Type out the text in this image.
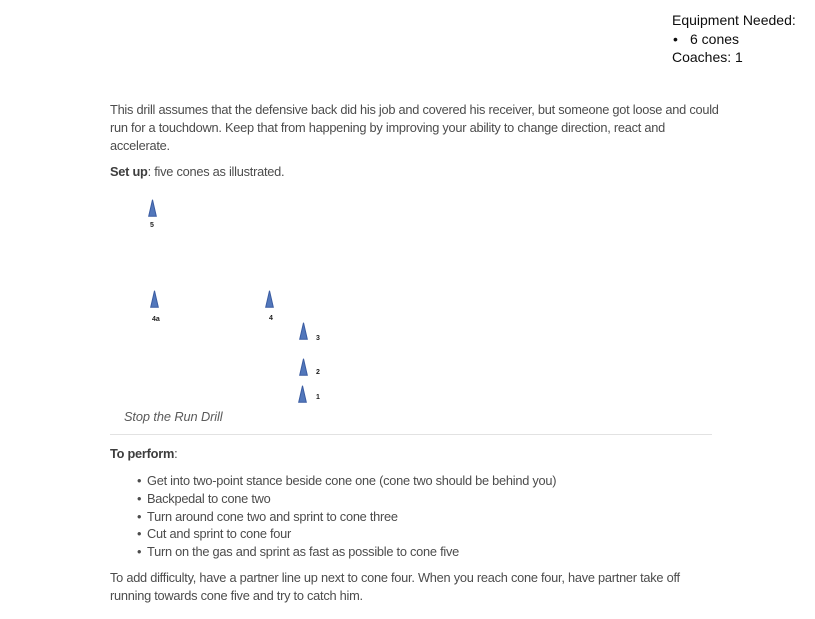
Equipment Needed:
• 6 cones
Coaches: 1

This drill assumes that the defensive back did his job and covered his receiver, but someone got loose and could run for a touchdown. Keep that from happening by improving your ability to change direction, react and accelerate.

Set up: five cones as illustrated.

5
4a	4
3
2
1
Stop the Run Drill

To perform:

• Get into two-point stance beside cone one (cone two should be behind you)
• Backpedal to cone two
• Turn around cone two and sprint to cone three
• Cut and sprint to cone four
• Turn on the gas and sprint as fast as possible to cone five

To add difficulty, have a partner line up next to cone four. When you reach cone four, have partner take off running towards cone five and try to catch him.
